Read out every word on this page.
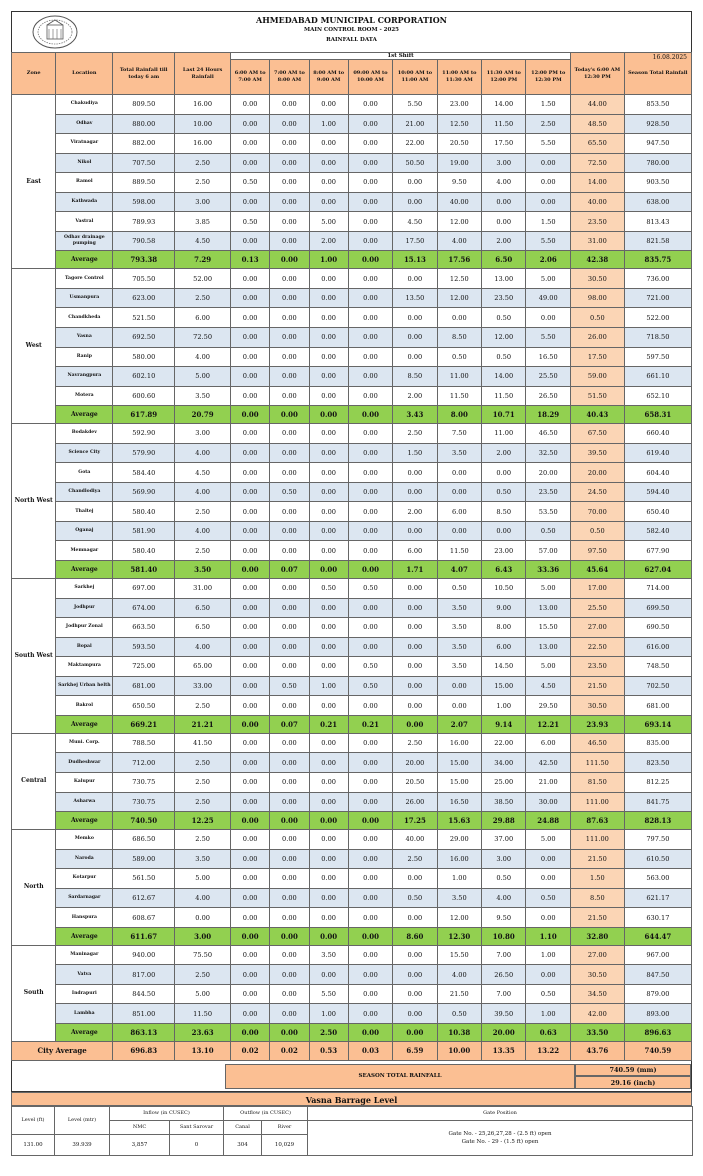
AHMEDABAD MUNICIPAL CORPORATION
MAIN CONTROL ROOM - 2025
RAINFALL DATA
16.08.2025
Zone	Location	Total Rainfall till today 6 am	Last 24 Hours Rainfall	1st Shift								Today's 6:00 AM 12:30 PM	Season Total Rainfall
				6:00 AM to 7:00 AM	7:00 AM to 8:00 AM	8:00 AM to 9:00 AM	09:00 AM to 10:00 AM	10:00 AM to 11:00 AM	11:00 AM to 11:30 AM	11:30 AM to 12:00 PM	12:00 PM to 12:30 PM		
East	Chakudiya	809.50	16.00	0.00	0.00	0.00	0.00	5.50	23.00	14.00	1.50	44.00	853.50
	Odhav	880.00	10.00	0.00	0.00	1.00	0.00	21.00	12.50	11.50	2.50	48.50	928.50
	Viratnagar	882.00	16.00	0.00	0.00	0.00	0.00	22.00	20.50	17.50	5.50	65.50	947.50
	Nikol	707.50	2.50	0.00	0.00	0.00	0.00	50.50	19.00	3.00	0.00	72.50	780.00
	Ramol	889.50	2.50	0.50	0.00	0.00	0.00	0.00	9.50	4.00	0.00	14.00	903.50
	Kathwada	598.00	3.00	0.00	0.00	0.00	0.00	0.00	40.00	0.00	0.00	40.00	638.00
	Vastral	789.93	3.85	0.50	0.00	5.00	0.00	4.50	12.00	0.00	1.50	23.50	813.43
	Odhav drainage pumping	790.58	4.50	0.00	0.00	2.00	0.00	17.50	4.00	2.00	5.50	31.00	821.58
	Average	793.38	7.29	0.13	0.00	1.00	0.00	15.13	17.56	6.50	2.06	42.38	835.75
West	Tagore Control	705.50	52.00	0.00	0.00	0.00	0.00	0.00	12.50	13.00	5.00	30.50	736.00
	Usmanpura	623.00	2.50	0.00	0.00	0.00	0.00	13.50	12.00	23.50	49.00	98.00	721.00
	Chandkheda	521.50	6.00	0.00	0.00	0.00	0.00	0.00	0.00	0.50	0.00	0.50	522.00
	Vasna	692.50	72.50	0.00	0.00	0.00	0.00	0.00	8.50	12.00	5.50	26.00	718.50
	Ranip	580.00	4.00	0.00	0.00	0.00	0.00	0.00	0.50	0.50	16.50	17.50	597.50
	Navrangpura	602.10	5.00	0.00	0.00	0.00	0.00	8.50	11.00	14.00	25.50	59.00	661.10
	Motera	600.60	3.50	0.00	0.00	0.00	0.00	2.00	11.50	11.50	26.50	51.50	652.10
	Average	617.89	20.79	0.00	0.00	0.00	0.00	3.43	8.00	10.71	18.29	40.43	658.31
North West	Bodakdev	592.90	3.00	0.00	0.00	0.00	0.00	2.50	7.50	11.00	46.50	67.50	660.40
	Science City	579.90	4.00	0.00	0.00	0.00	0.00	1.50	3.50	2.00	32.50	39.50	619.40
	Gota	584.40	4.50	0.00	0.00	0.00	0.00	0.00	0.00	0.00	20.00	20.00	604.40
	Chandlodiya	569.90	4.00	0.00	0.50	0.00	0.00	0.00	0.00	0.50	23.50	24.50	594.40
	Thaltej	580.40	2.50	0.00	0.00	0.00	0.00	2.00	6.00	8.50	53.50	70.00	650.40
	Oganaj	581.90	4.00	0.00	0.00	0.00	0.00	0.00	0.00	0.00	0.50	0.50	582.40
	Memnagar	580.40	2.50	0.00	0.00	0.00	0.00	6.00	11.50	23.00	57.00	97.50	677.90
	Average	581.40	3.50	0.00	0.07	0.00	0.00	1.71	4.07	6.43	33.36	45.64	627.04
South West	Sarkhej	697.00	31.00	0.00	0.00	0.50	0.50	0.00	0.50	10.50	5.00	17.00	714.00
	Jodhpur	674.00	6.50	0.00	0.00	0.00	0.00	0.00	3.50	9.00	13.00	25.50	699.50
	Jodhpur Zonal	663.50	6.50	0.00	0.00	0.00	0.00	0.00	3.50	8.00	15.50	27.00	690.50
	Bopal	593.50	4.00	0.00	0.00	0.00	0.00	0.00	3.50	6.00	13.00	22.50	616.00
	Maktampura	725.00	65.00	0.00	0.00	0.00	0.50	0.00	3.50	14.50	5.00	23.50	748.50
	Sarkhej Urban helth	681.00	33.00	0.00	0.50	1.00	0.50	0.00	0.00	15.00	4.50	21.50	702.50
	Bakrol	650.50	2.50	0.00	0.00	0.00	0.00	0.00	0.00	1.00	29.50	30.50	681.00
	Average	669.21	21.21	0.00	0.07	0.21	0.21	0.00	2.07	9.14	12.21	23.93	693.14
Central	Muni. Corp.	788.50	41.50	0.00	0.00	0.00	0.00	2.50	16.00	22.00	6.00	46.50	835.00
	Dudheshwar	712.00	2.50	0.00	0.00	0.00	0.00	20.00	15.00	34.00	42.50	111.50	823.50
	Kalupur	730.75	2.50	0.00	0.00	0.00	0.00	20.50	15.00	25.00	21.00	81.50	812.25
	Asharwa	730.75	2.50	0.00	0.00	0.00	0.00	26.00	16.50	38.50	30.00	111.00	841.75
	Average	740.50	12.25	0.00	0.00	0.00	0.00	17.25	15.63	29.88	24.88	87.63	828.13
North	Memko	686.50	2.50	0.00	0.00	0.00	0.00	40.00	29.00	37.00	5.00	111.00	797.50
	Naroda	589.00	3.50	0.00	0.00	0.00	0.00	2.50	16.00	3.00	0.00	21.50	610.50
	Kotarpur	561.50	5.00	0.00	0.00	0.00	0.00	0.00	1.00	0.50	0.00	1.50	563.00
	Sardarnagar	612.67	4.00	0.00	0.00	0.00	0.00	0.50	3.50	4.00	0.50	8.50	621.17
	Hanspura	608.67	0.00	0.00	0.00	0.00	0.00	0.00	12.00	9.50	0.00	21.50	630.17
	Average	611.67	3.00	0.00	0.00	0.00	0.00	8.60	12.30	10.80	1.10	32.80	644.47
South	Maninagar	940.00	75.50	0.00	0.00	3.50	0.00	0.00	15.50	7.00	1.00	27.00	967.00
	Vatva	817.00	2.50	0.00	0.00	0.00	0.00	0.00	4.00	26.50	0.00	30.50	847.50
	Indrapuri	844.50	5.00	0.00	0.00	5.50	0.00	0.00	21.50	7.00	0.50	34.50	879.00
	Lambha	851.00	11.50	0.00	0.00	1.00	0.00	0.00	0.50	39.50	1.00	42.00	893.00
	Average	863.13	23.63	0.00	0.00	2.50	0.00	0.00	10.38	20.00	0.63	33.50	896.63
City Average		696.83	13.10	0.02	0.02	0.53	0.03	6.59	10.00	13.35	13.22	43.76	740.59
SEASON TOTAL RAINFALL
740.59 (mm)
29.16 (inch)
Vasna Barrage Level
Level (ft)	Level (mtr)	Inflow (in CUSEC)		Outflow (in CUSEC)		Gate Position
		NMC	Sant Sarovar	Canal	River	Gate No. - 25,26,27,28 - (2.5 ft) open
Gate No. - 29 - (1.5 ft) open

131.00	39.939	3,857	0	304	10,029	
